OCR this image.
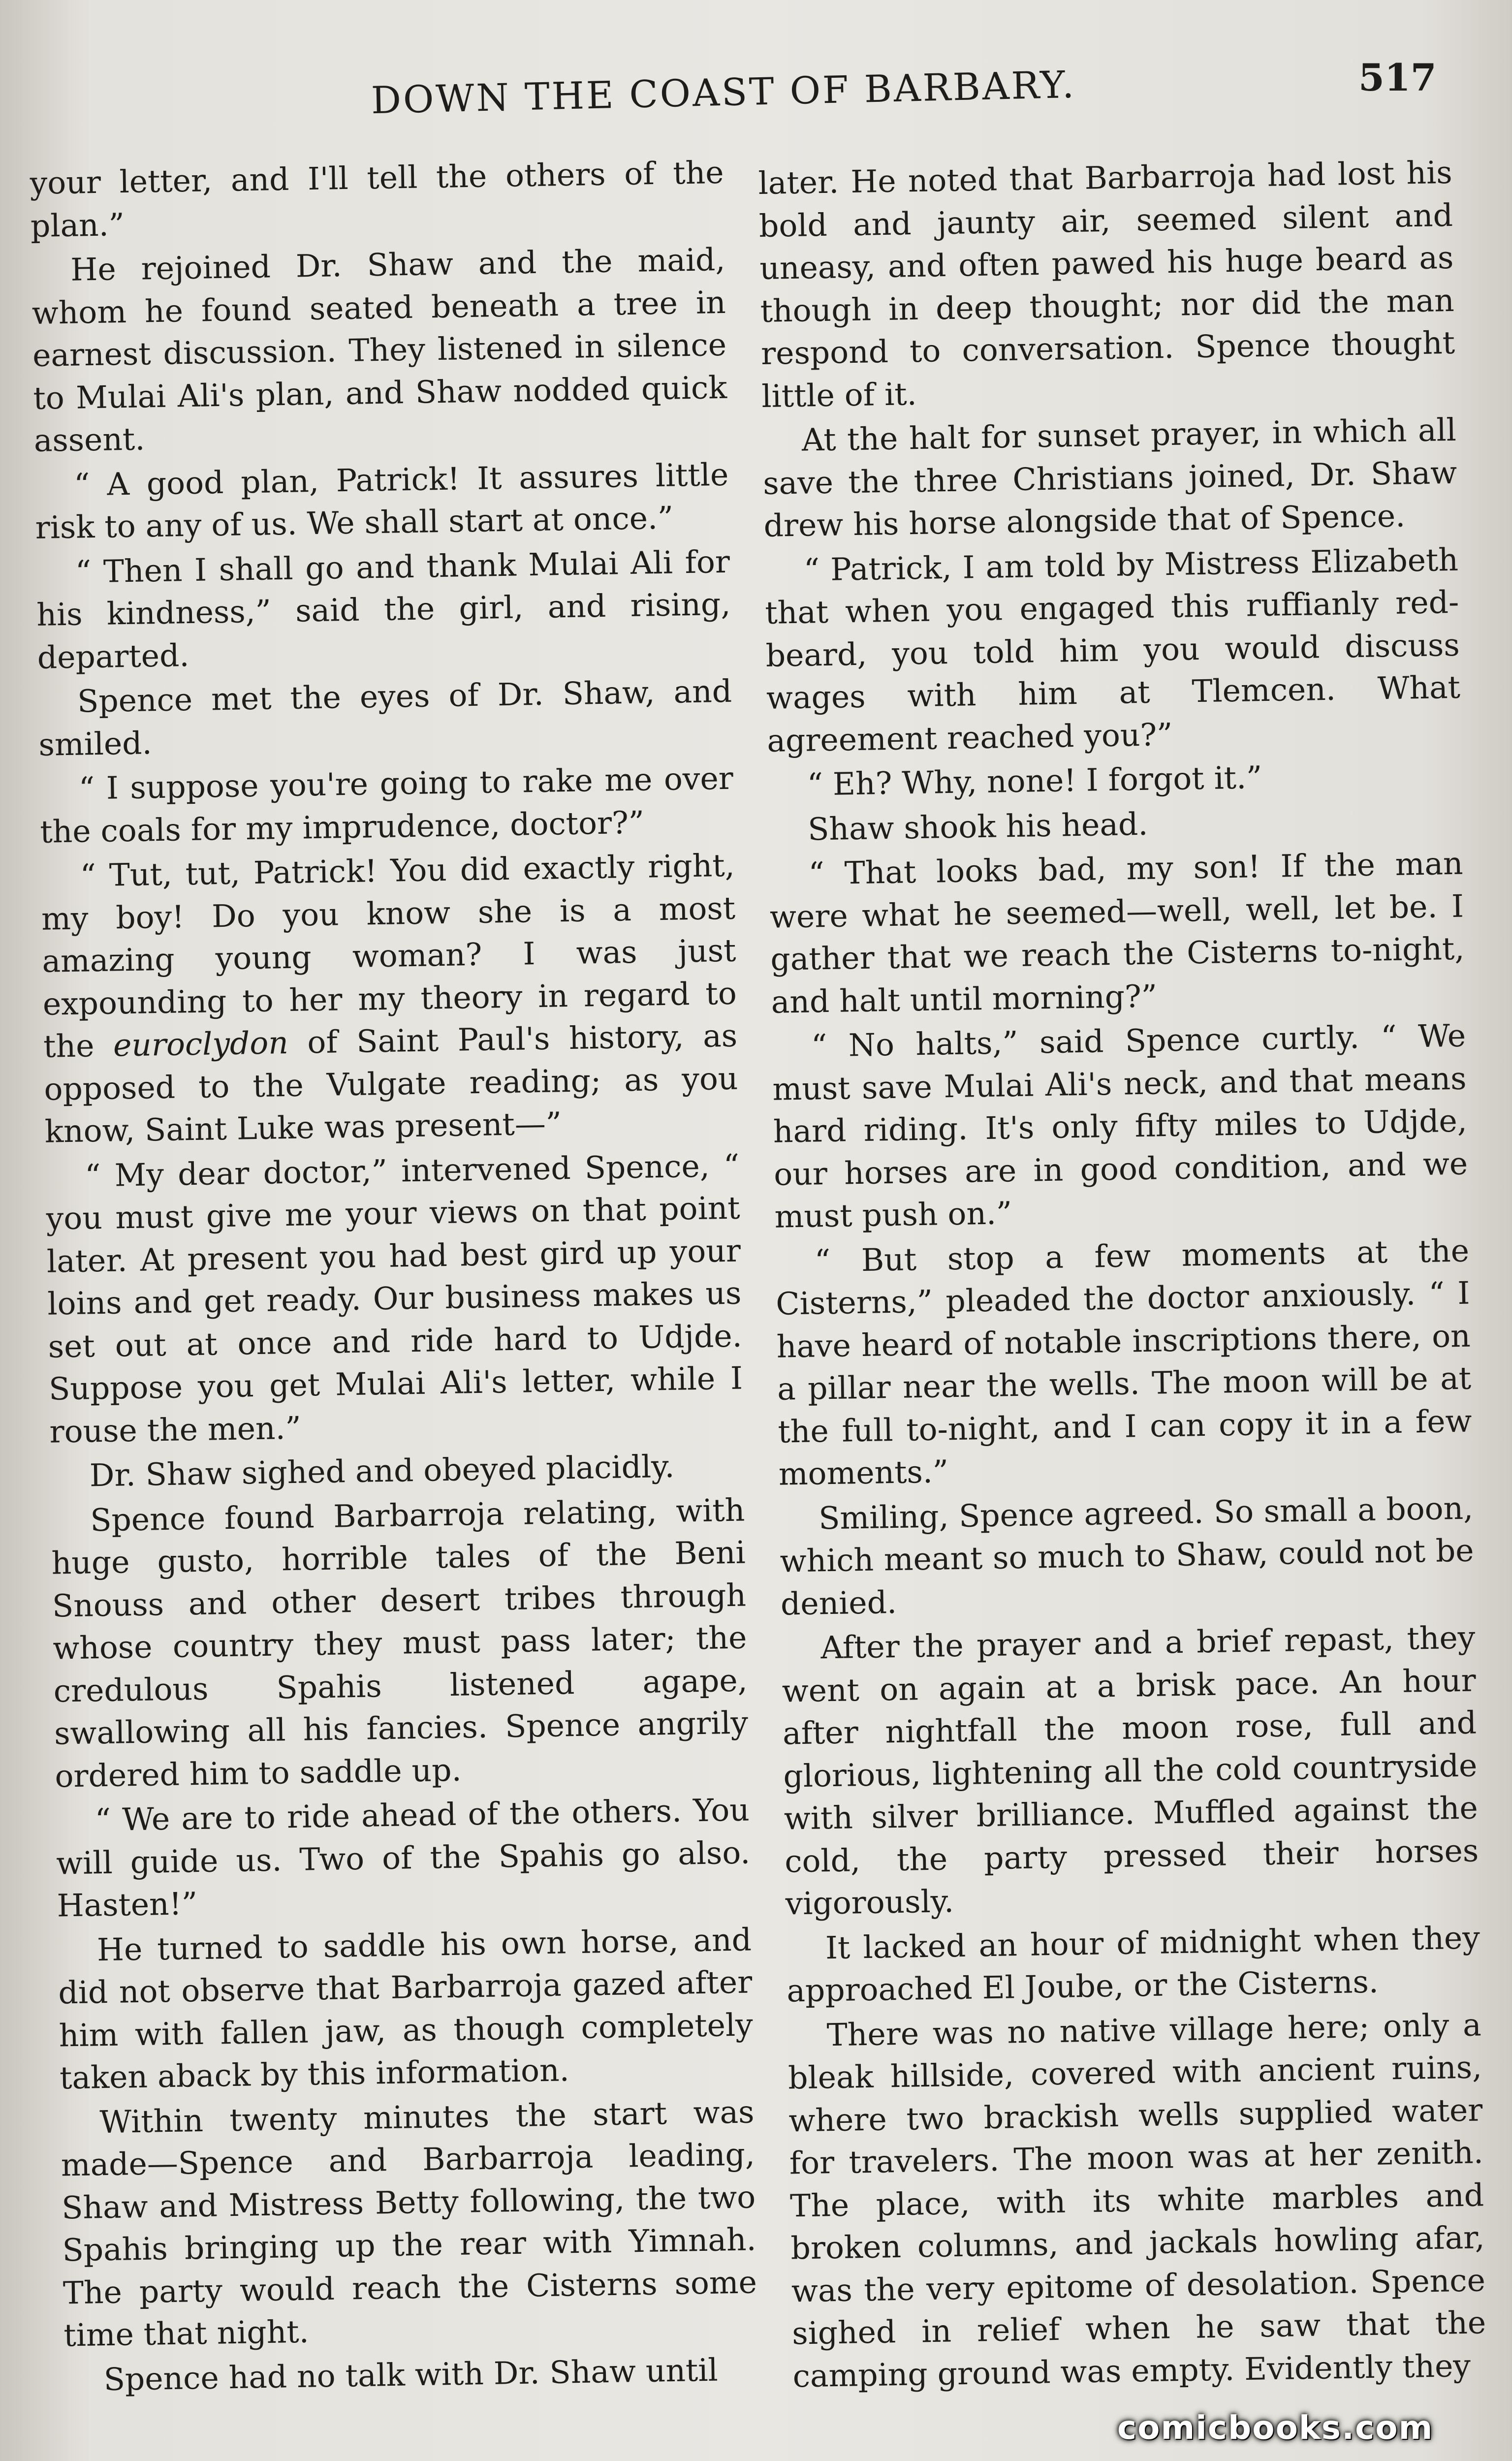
517
DOWN THE COAST OF BARBARY.

your letter, and I'll tell the others of the plan.”

He rejoined Dr. Shaw and the maid, whom he found seated beneath a tree in earnest discussion. They listened in silence to Mulai Ali's plan, and Shaw nodded quick assent.

“ A good plan, Patrick! It assures little risk to any of us. We shall start at once.”

“ Then I shall go and thank Mulai Ali for his kindness,” said the girl, and rising, departed.

Spence met the eyes of Dr. Shaw, and smiled.

“ I suppose you're going to rake me over the coals for my imprudence, doctor?”

“ Tut, tut, Patrick! You did exactly right, my boy! Do you know she is a most amazing young woman? I was just expounding to her my theory in regard to the euroclydon of Saint Paul's history, as opposed to the Vulgate reading; as you know, Saint Luke was present—”

“ My dear doctor,” intervened Spence, “ you must give me your views on that point later. At present you had best gird up your loins and get ready. Our business makes us set out at once and ride hard to Udjde. Suppose you get Mulai Ali's letter, while I rouse the men.”

Dr. Shaw sighed and obeyed placidly.

Spence found Barbarroja relating, with huge gusto, horrible tales of the Beni Snouss and other desert tribes through whose country they must pass later; the credulous Spahis listened agape, swallowing all his fancies. Spence angrily ordered him to saddle up.

“ We are to ride ahead of the others. You will guide us. Two of the Spahis go also. Hasten!”

He turned to saddle his own horse, and did not observe that Barbarroja gazed after him with fallen jaw, as though completely taken aback by this information.

Within twenty minutes the start was made—Spence and Barbarroja leading, Shaw and Mistress Betty following, the two Spahis bringing up the rear with Yimnah. The party would reach the Cisterns some time that night.

Spence had no talk with Dr. Shaw until

later. He noted that Barbarroja had lost his bold and jaunty air, seemed silent and uneasy, and often pawed his huge beard as though in deep thought; nor did the man respond to conversation. Spence thought little of it.

At the halt for sunset prayer, in which all save the three Christians joined, Dr. Shaw drew his horse alongside that of Spence.

“ Patrick, I am told by Mistress Elizabeth that when you engaged this ruffianly red-beard, you told him you would discuss wages with him at Tlemcen. What agreement reached you?”

“ Eh? Why, none! I forgot it.”

Shaw shook his head.

“ That looks bad, my son! If the man were what he seemed—well, well, let be. I gather that we reach the Cisterns to-night, and halt until morning?”

“ No halts,” said Spence curtly. “ We must save Mulai Ali's neck, and that means hard riding. It's only fifty miles to Udjde, our horses are in good condition, and we must push on.”

“ But stop a few moments at the Cisterns,” pleaded the doctor anxiously. “ I have heard of notable inscriptions there, on a pillar near the wells. The moon will be at the full to-night, and I can copy it in a few moments.”

Smiling, Spence agreed. So small a boon, which meant so much to Shaw, could not be denied.

After the prayer and a brief repast, they went on again at a brisk pace. An hour after nightfall the moon rose, full and glorious, lightening all the cold countryside with silver brilliance. Muffled against the cold, the party pressed their horses vigorously.

It lacked an hour of midnight when they approached El Joube, or the Cisterns.

There was no native village here; only a bleak hillside, covered with ancient ruins, where two brackish wells supplied water for travelers. The moon was at her zenith. The place, with its white marbles and broken columns, and jackals howling afar, was the very epitome of desolation. Spence sighed in relief when he saw that the camping ground was empty. Evidently they

comicbooks.com
